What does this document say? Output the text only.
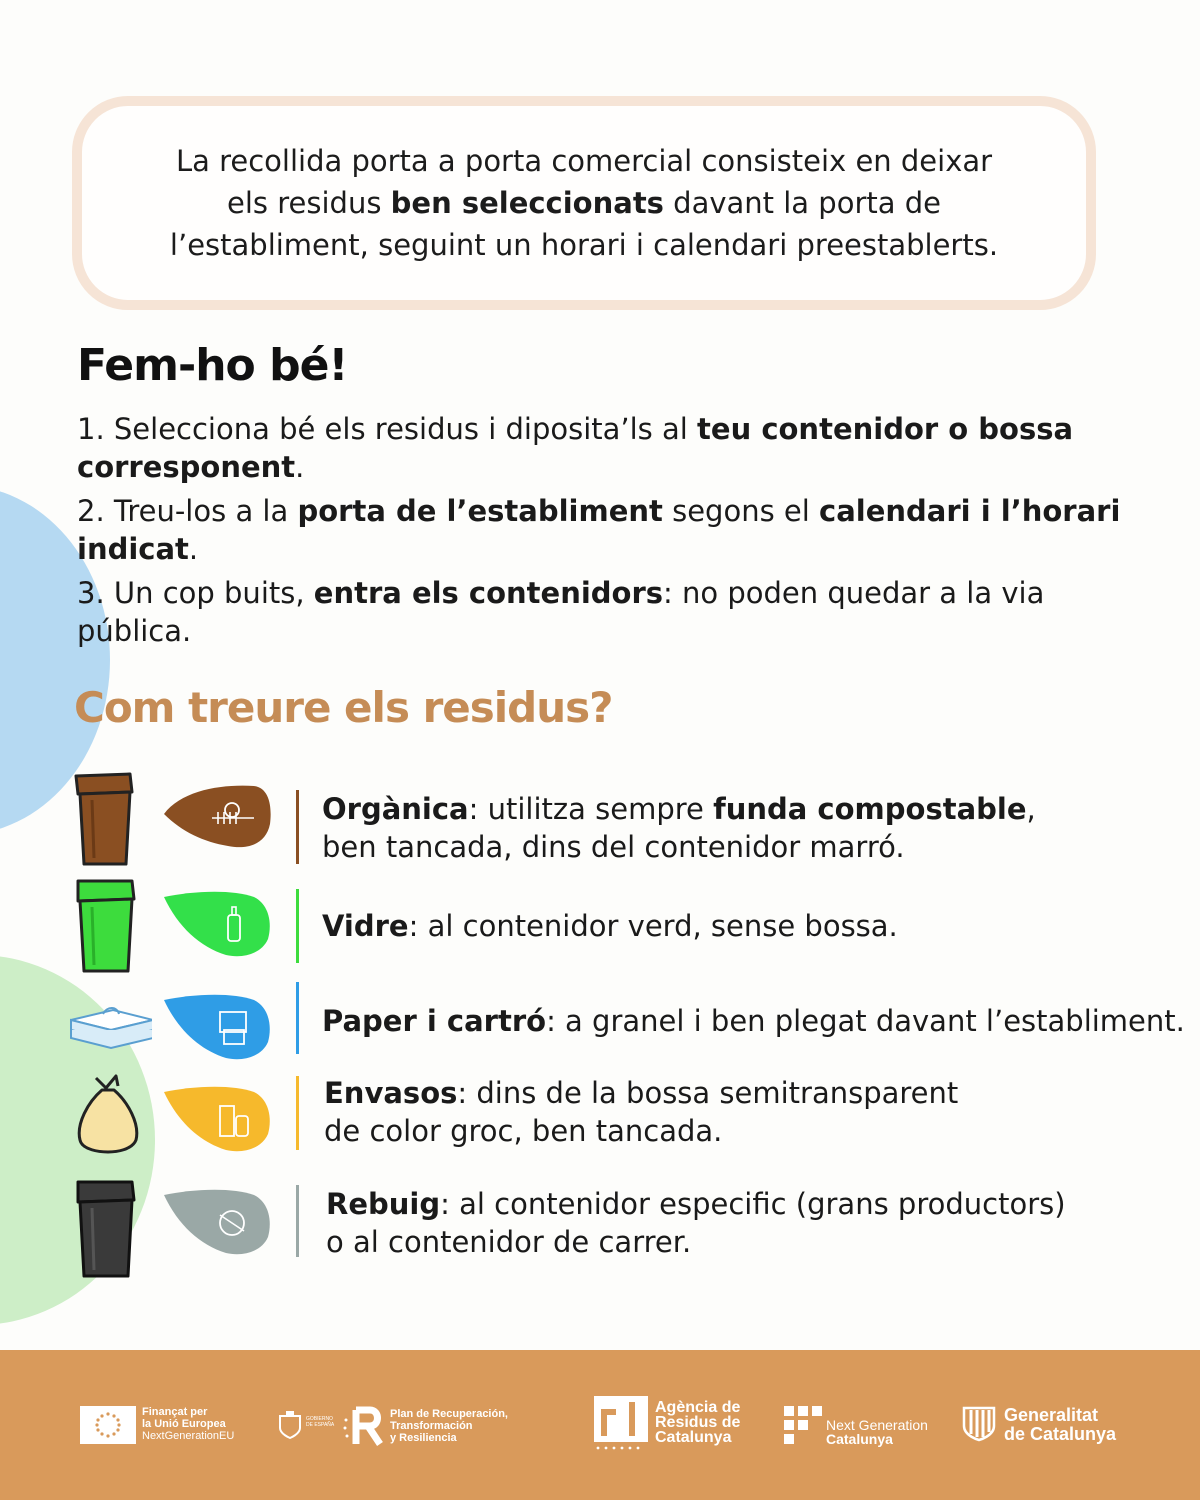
La recollida porta a porta comercial consisteix en deixar
els residus ben seleccionats davant la porta de
l’establiment, seguint un horari i calendari preestablerts.
Fem-ho bé!

1. Selecciona bé els residus i diposita’ls al teu contenidor o bossa corresponent.

2. Treu-los a la porta de l’establiment segons el calendari i l’horari indicat.

3. Un cop buits, entra els contenidors: no poden quedar a la via pública.

Com treure els residus?
Orgànica: utilitza sempre funda compostable,
ben tancada, dins del contenidor marró.
Vidre: al contenidor verd, sense bossa.
Paper i cartró: a granel i ben plegat davant l’establiment.
Envasos: dins de la bossa semitransparent
de color groc, ben tancada.
Rebuig: al contenidor especific (grans productors)
o al contenidor de carrer.
Finançat per
la Unió Europea
NextGenerationEU
GOBIERNO
DE ESPAÑA
Plan de Recuperación,
Transformación
y Resiliencia
Agència de
Residus de
Catalunya
Next Generation
Catalunya
Generalitat
de Catalunya
